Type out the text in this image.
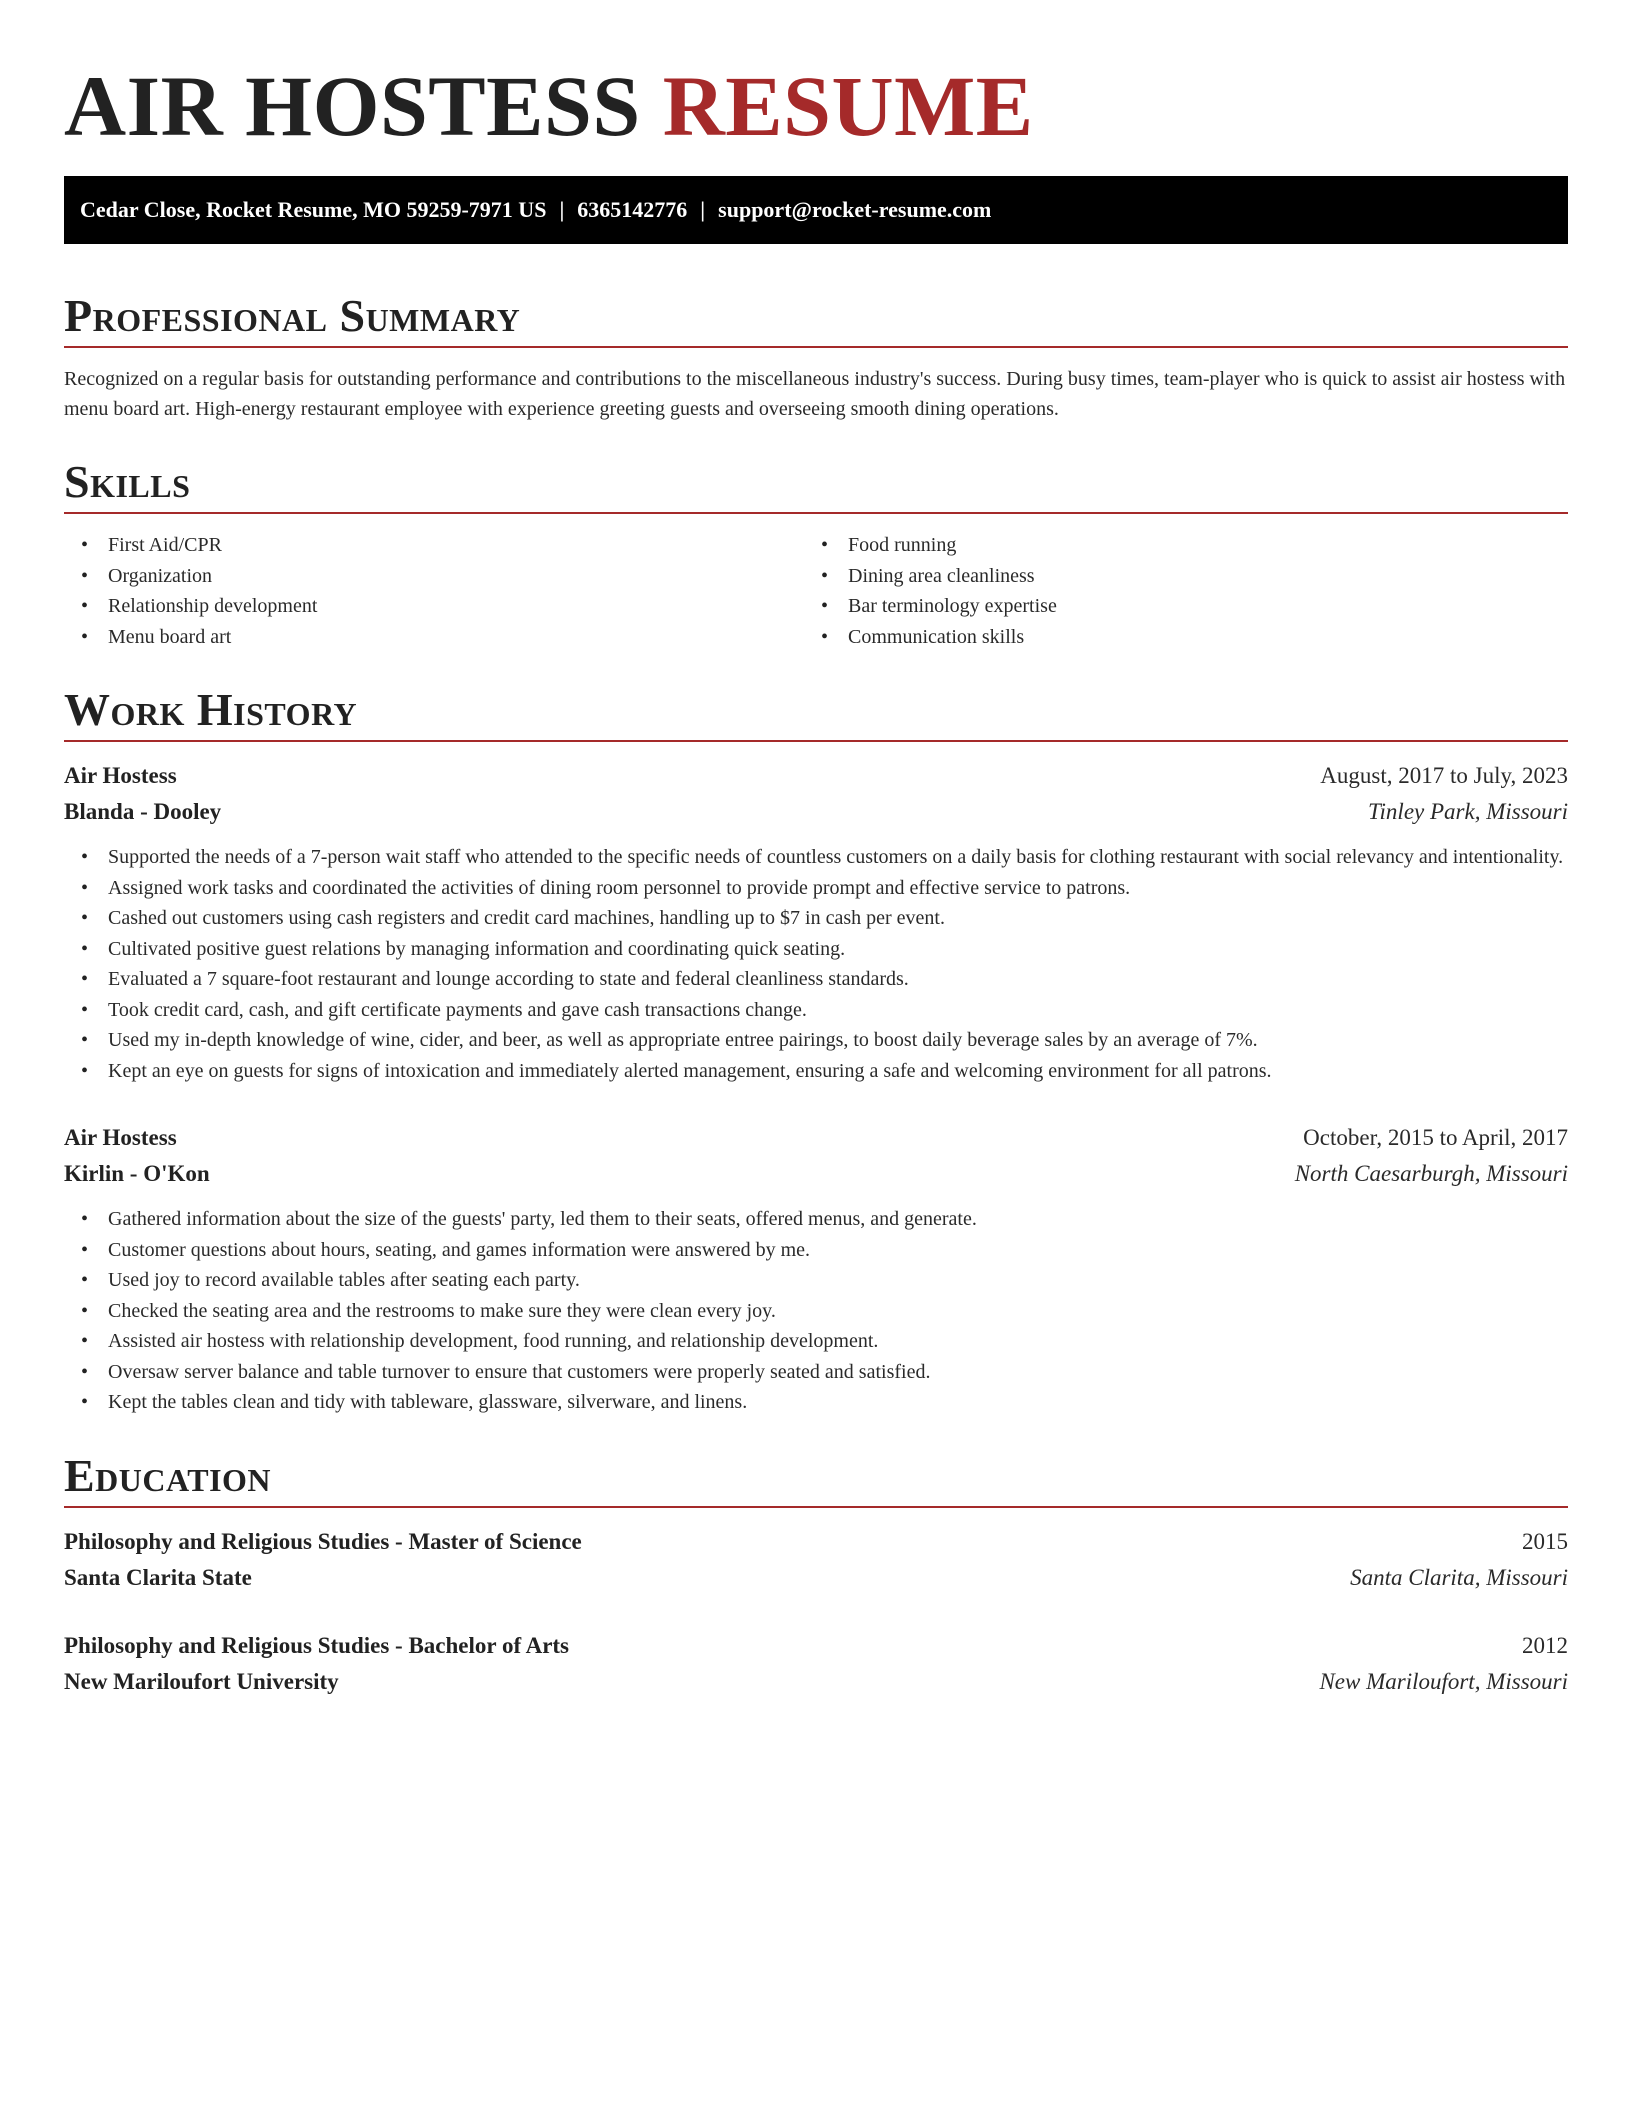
AIR HOSTESS RESUME
Cedar Close, Rocket Resume, MO 59259-7971 US | 6365142776 | support@rocket-resume.com
Professional Summary
Recognized on a regular basis for outstanding performance and contributions to the miscellaneous industry's success. During busy times, team-player who is quick to assist air hostess with menu board art. High-energy restaurant employee with experience greeting guests and overseeing smooth dining operations.
Skills
• First Aid/CPR
• Organization
• Relationship development
• Menu board art
• Food running
• Dining area cleanliness
• Bar terminology expertise
• Communication skills
Work History
Air Hostess	August, 2017 to July, 2023
Blanda - Dooley	Tinley Park, Missouri
• Supported the needs of a 7-person wait staff who attended to the specific needs of countless customers on a daily basis for clothing restaurant with social relevancy and intentionality.
• Assigned work tasks and coordinated the activities of dining room personnel to provide prompt and effective service to patrons.
• Cashed out customers using cash registers and credit card machines, handling up to $7 in cash per event.
• Cultivated positive guest relations by managing information and coordinating quick seating.
• Evaluated a 7 square-foot restaurant and lounge according to state and federal cleanliness standards.
• Took credit card, cash, and gift certificate payments and gave cash transactions change.
• Used my in-depth knowledge of wine, cider, and beer, as well as appropriate entree pairings, to boost daily beverage sales by an average of 7%.
• Kept an eye on guests for signs of intoxication and immediately alerted management, ensuring a safe and welcoming environment for all patrons.
Air Hostess	October, 2015 to April, 2017
Kirlin - O'Kon	North Caesarburgh, Missouri
• Gathered information about the size of the guests' party, led them to their seats, offered menus, and generate.
• Customer questions about hours, seating, and games information were answered by me.
• Used joy to record available tables after seating each party.
• Checked the seating area and the restrooms to make sure they were clean every joy.
• Assisted air hostess with relationship development, food running, and relationship development.
• Oversaw server balance and table turnover to ensure that customers were properly seated and satisfied.
• Kept the tables clean and tidy with tableware, glassware, silverware, and linens.
Education
Philosophy and Religious Studies - Master of Science	2015
Santa Clarita State	Santa Clarita, Missouri
Philosophy and Religious Studies - Bachelor of Arts	2012
New Mariloufort University	New Mariloufort, Missouri
